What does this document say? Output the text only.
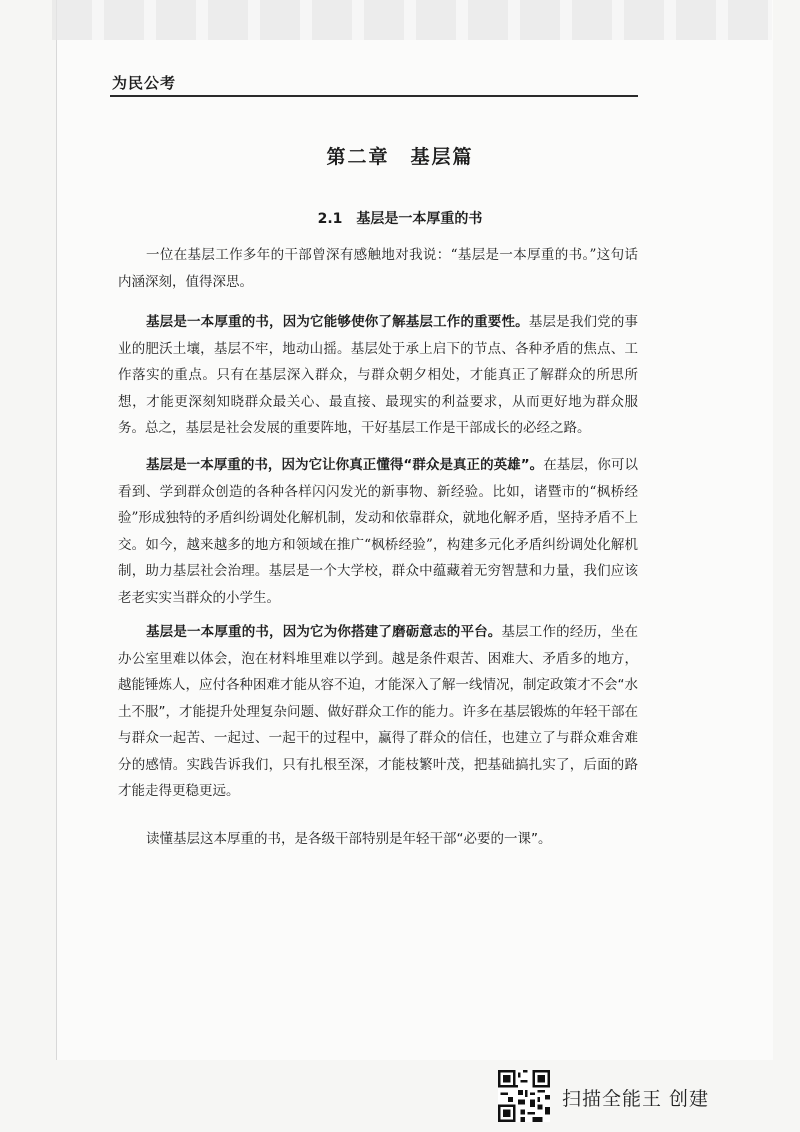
为民公考
第二章　基层篇
2.1　基层是一本厚重的书

一位在基层工作多年的干部曾深有感触地对我说：“基层是一本厚重的书。”这句话内涵深刻，值得深思。

基层是一本厚重的书，因为它能够使你了解基层工作的重要性。基层是我们党的事业的肥沃土壤，基层不牢，地动山摇。基层处于承上启下的节点、各种矛盾的焦点、工作落实的重点。只有在基层深入群众，与群众朝夕相处，才能真正了解群众的所思所想，才能更深刻知晓群众最关心、最直接、最现实的利益要求，从而更好地为群众服务。总之，基层是社会发展的重要阵地，干好基层工作是干部成长的必经之路。

基层是一本厚重的书，因为它让你真正懂得“群众是真正的英雄”。在基层，你可以看到、学到群众创造的各种各样闪闪发光的新事物、新经验。比如，诸暨市的“枫桥经验”形成独特的矛盾纠纷调处化解机制，发动和依靠群众，就地化解矛盾，坚持矛盾不上交。如今，越来越多的地方和领域在推广“枫桥经验”，构建多元化矛盾纠纷调处化解机制，助力基层社会治理。基层是一个大学校，群众中蕴藏着无穷智慧和力量，我们应该老老实实当群众的小学生。

基层是一本厚重的书，因为它为你搭建了磨砺意志的平台。基层工作的经历，坐在办公室里难以体会，泡在材料堆里难以学到。越是条件艰苦、困难大、矛盾多的地方，越能锤炼人，应付各种困难才能从容不迫，才能深入了解一线情况，制定政策才不会“水土不服”，才能提升处理复杂问题、做好群众工作的能力。许多在基层锻炼的年轻干部在与群众一起苦、一起过、一起干的过程中，赢得了群众的信任，也建立了与群众难舍难分的感情。实践告诉我们，只有扎根至深，才能枝繁叶茂，把基础搞扎实了，后面的路才能走得更稳更远。

读懂基层这本厚重的书，是各级干部特别是年轻干部“必要的一课”。

扫描全能王 创建
